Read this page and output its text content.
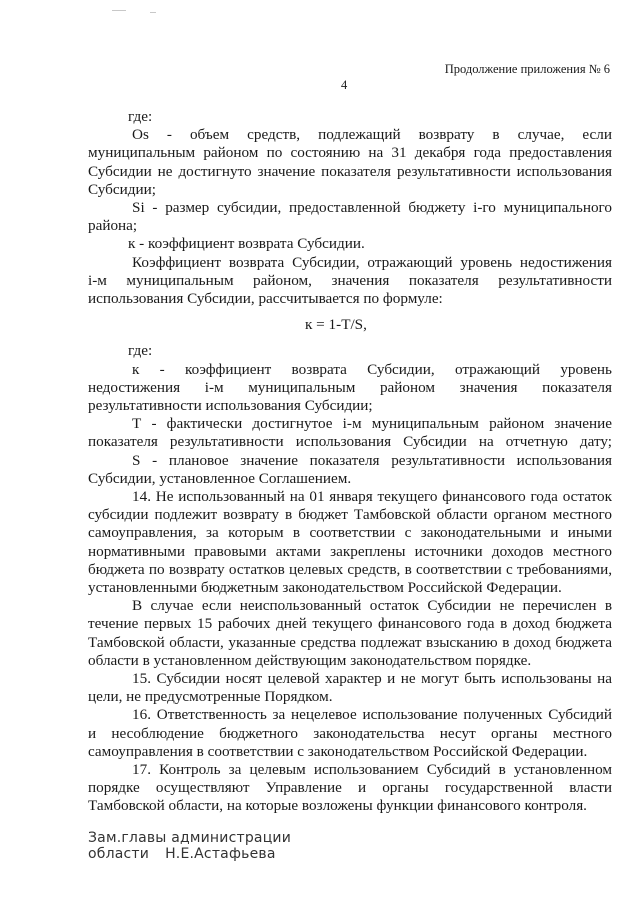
Продолжение приложения № 6
4
где:
Os - объем средств, подлежащий возврату в случае, если
муниципальным районом по состоянию на 31 декабря года предоставления
Субсидии не достигнуто значение показателя результативности использования
Субсидии;
Si - размер субсидии, предоставленной бюджету i-го муниципального
района;
к - коэффициент возврата Субсидии.
Коэффициент возврата Субсидии, отражающий уровень недостижения
i-м муниципальным районом, значения показателя результативности
использования Субсидии, рассчитывается по формуле:
к = 1-T/S,
где:
к - коэффициент возврата Субсидии, отражающий уровень
недостижения i-м муниципальным районом значения показателя
результативности использования Субсидии;
Т - фактически достигнутое i-м муниципальным районом значение
показателя результативности использования Субсидии на отчетную дату;
S - плановое значение показателя результативности использования
Субсидии, установленное Соглашением.
14. Не использованный на 01 января текущего финансового года остаток
субсидии подлежит возврату в бюджет Тамбовской области органом местного
самоуправления, за которым в соответствии с законодательными и иными
нормативными правовыми актами закреплены источники доходов местного
бюджета по возврату остатков целевых средств, в соответствии с требованиями,
установленными бюджетным законодательством Российской Федерации.
В случае если неиспользованный остаток Субсидии не перечислен в
течение первых 15 рабочих дней текущего финансового года в доход бюджета
Тамбовской области, указанные средства подлежат взысканию в доход бюджета
области в установленном действующим законодательством порядке.
15. Субсидии носят целевой характер и не могут быть использованы на
цели, не предусмотренные Порядком.
16. Ответственность за нецелевое использование полученных Субсидий
и несоблюдение бюджетного законодательства несут органы местного
самоуправления в соответствии с законодательством Российской Федерации.
17. Контроль за целевым использованием Субсидий в установленном
порядке осуществляют Управление и органы государственной власти
Тамбовской области, на которые возложены функции финансового контроля.
Зам.главы администрации
области Н.Е.Астафьева
